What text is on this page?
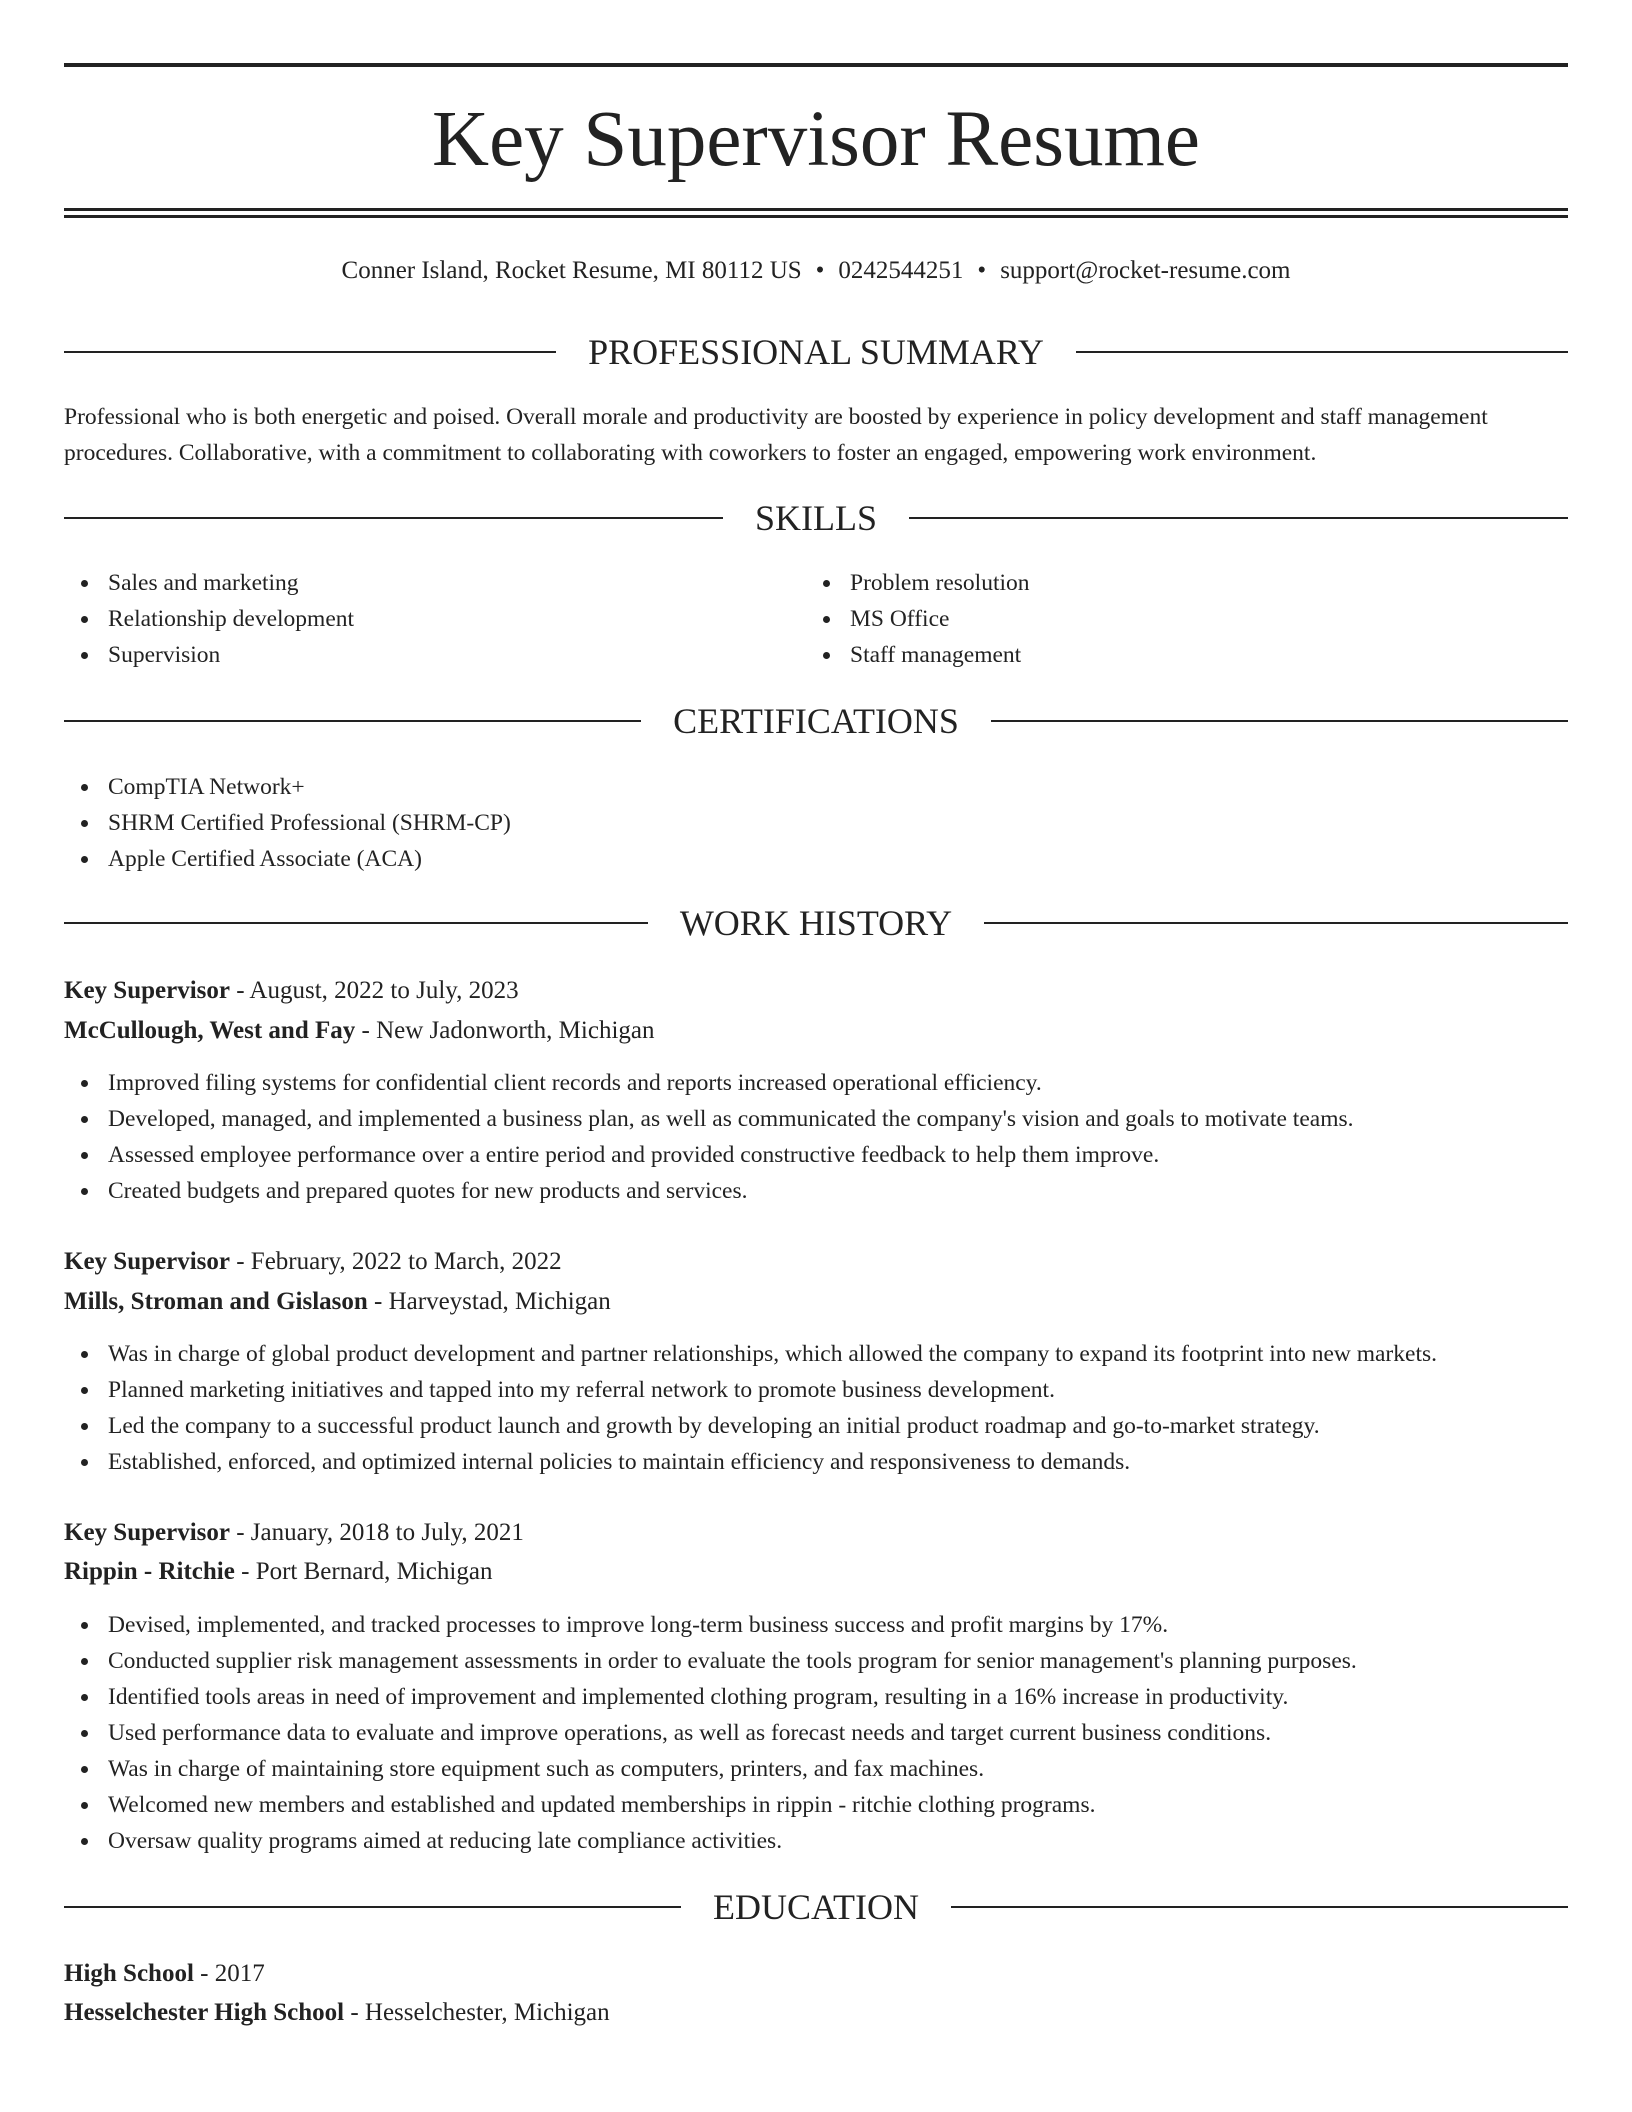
Key Supervisor Resume
Conner Island, Rocket Resume, MI 80112 US • 0242544251 • support@rocket-resume.com
PROFESSIONAL SUMMARY

Professional who is both energetic and poised. Overall morale and productivity are boosted by experience in policy development and staff management procedures. Collaborative, with a commitment to collaborating with coworkers to foster an engaged, empowering work environment.

SKILLS
Sales and marketing
Relationship development
Supervision
Problem resolution
MS Office
Staff management
CERTIFICATIONS
CompTIA Network+
SHRM Certified Professional (SHRM-CP)
Apple Certified Associate (ACA)
WORK HISTORY
Key Supervisor - August, 2022 to July, 2023
McCullough, West and Fay - New Jadonworth, Michigan
Improved filing systems for confidential client records and reports increased operational efficiency.
Developed, managed, and implemented a business plan, as well as communicated the company's vision and goals to motivate teams.
Assessed employee performance over a entire period and provided constructive feedback to help them improve.
Created budgets and prepared quotes for new products and services.
Key Supervisor - February, 2022 to March, 2022
Mills, Stroman and Gislason - Harveystad, Michigan
Was in charge of global product development and partner relationships, which allowed the company to expand its footprint into new markets.
Planned marketing initiatives and tapped into my referral network to promote business development.
Led the company to a successful product launch and growth by developing an initial product roadmap and go-to-market strategy.
Established, enforced, and optimized internal policies to maintain efficiency and responsiveness to demands.
Key Supervisor - January, 2018 to July, 2021
Rippin - Ritchie - Port Bernard, Michigan
Devised, implemented, and tracked processes to improve long-term business success and profit margins by 17%.
Conducted supplier risk management assessments in order to evaluate the tools program for senior management's planning purposes.
Identified tools areas in need of improvement and implemented clothing program, resulting in a 16% increase in productivity.
Used performance data to evaluate and improve operations, as well as forecast needs and target current business conditions.
Was in charge of maintaining store equipment such as computers, printers, and fax machines.
Welcomed new members and established and updated memberships in rippin - ritchie clothing programs.
Oversaw quality programs aimed at reducing late compliance activities.
EDUCATION
High School - 2017
Hesselchester High School - Hesselchester, Michigan
